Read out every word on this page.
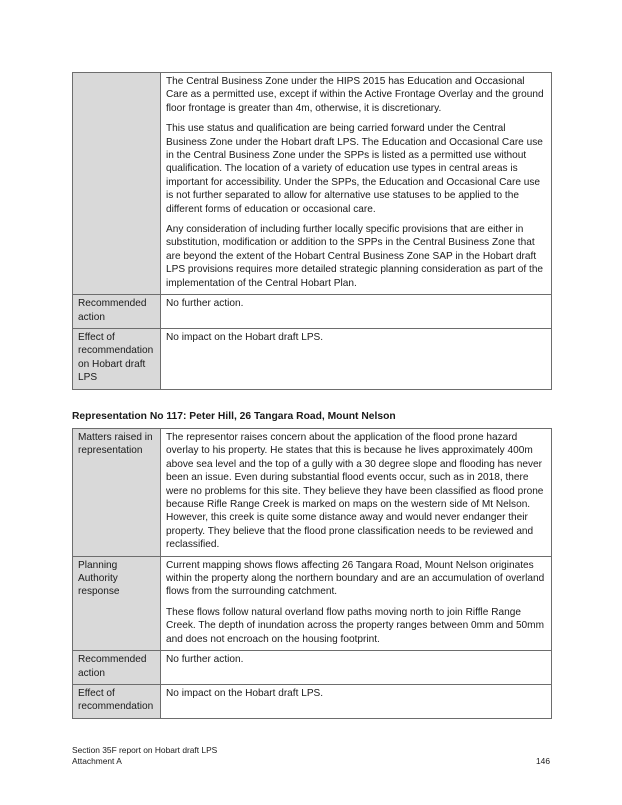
	The Central Business Zone under the HIPS 2015 has Education and Occasional Care as a permitted use, except if within the Active Frontage Overlay and the ground floor frontage is greater than 4m, otherwise, it is discretionary.

This use status and qualification are being carried forward under the Central Business Zone under the Hobart draft LPS. The Education and Occasional Care use in the Central Business Zone under the SPPs is listed as a permitted use without qualification. The location of a variety of education use types in central areas is important for accessibility. Under the SPPs, the Education and Occasional Care use is not further separated to allow for alternative use statuses to be applied to the different forms of education or occasional care.

Any consideration of including further locally specific provisions that are either in substitution, modification or addition to the SPPs in the Central Business Zone that are beyond the extent of the Hobart Central Business Zone SAP in the Hobart draft LPS provisions requires more detailed strategic planning consideration as part of the implementation of the Central Hobart Plan.

Recommended action	No further action.
Effect of recommendation on Hobart draft LPS	No impact on the Hobart draft LPS.

Representation No 117: Peter Hill, 26 Tangara Road, Mount Nelson

Matters raised in representation	The representor raises concern about the application of the flood prone hazard overlay to his property. He states that this is because he lives approximately 400m above sea level and the top of a gully with a 30 degree slope and flooding has never been an issue. Even during substantial flood events occur, such as in 2018, there were no problems for this site. They believe they have been classified as flood prone because Rifle Range Creek is marked on maps on the western side of Mt Nelson. However, this creek is quite some distance away and would never endanger their property. They believe that the flood prone classification needs to be reviewed and reclassified.
Planning Authority response	Current mapping shows flows affecting 26 Tangara Road, Mount Nelson originates within the property along the northern boundary and are an accumulation of overland flows from the surrounding catchment.

These flows follow natural overland flow paths moving north to join Riffle Range Creek. The depth of inundation across the property ranges between 0mm and 50mm and does not encroach on the housing footprint.

Recommended action	No further action.
Effect of recommendation	No impact on the Hobart draft LPS.
Section 35F report on Hobart draft LPS
Attachment A	146
